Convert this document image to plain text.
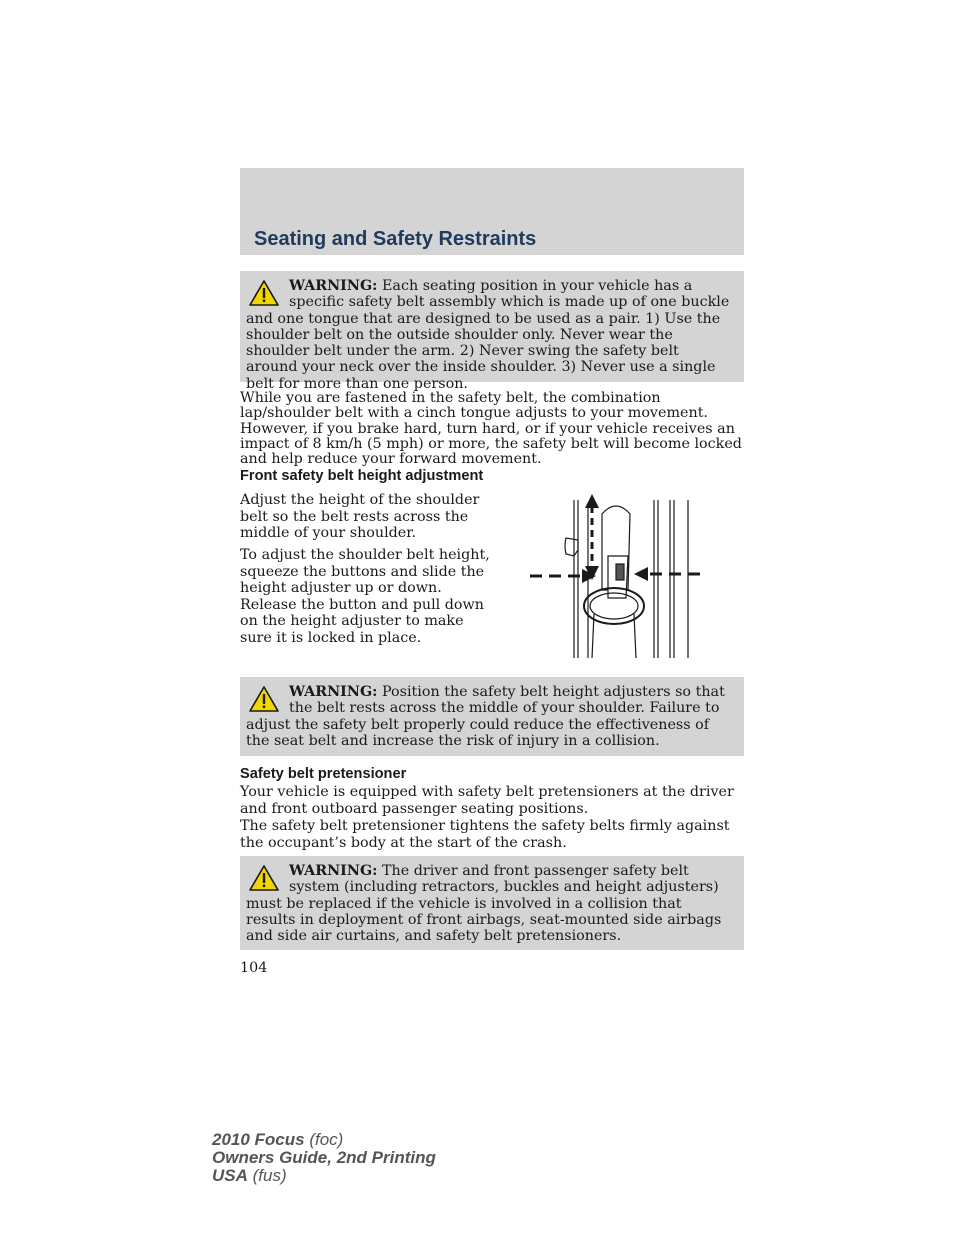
Seating and Safety Restraints
WARNING: Each seating position in your vehicle has a specific safety belt assembly which is made up of one buckle and one tongue that are designed to be used as a pair. 1) Use the shoulder belt on the outside shoulder only. Never wear the shoulder belt under the arm. 2) Never swing the safety belt around your neck over the inside shoulder. 3) Never use a single belt for more than one person.

While you are fastened in the safety belt, the combination lap/shoulder belt with a cinch tongue adjusts to your movement. However, if you brake hard, turn hard, or if your vehicle receives an impact of 8 km/h (5 mph) or more, the safety belt will become locked and help reduce your forward movement.

Front safety belt height adjustment

Adjust the height of the shoulder belt so the belt rests across the middle of your shoulder.

To adjust the shoulder belt height, squeeze the buttons and slide the height adjuster up or down. Release the button and pull down on the height adjuster to make sure it is locked in place.

WARNING: Position the safety belt height adjusters so that the belt rests across the middle of your shoulder. Failure to adjust the safety belt properly could reduce the effectiveness of the seat belt and increase the risk of injury in a collision.
Safety belt pretensioner

Your vehicle is equipped with safety belt pretensioners at the driver and front outboard passenger seating positions.

The safety belt pretensioner tightens the safety belts firmly against the occupant’s body at the start of the crash.

WARNING: The driver and front passenger safety belt system (including retractors, buckles and height adjusters) must be replaced if the vehicle is involved in a collision that results in deployment of front airbags, seat-mounted side airbags and side air curtains, and safety belt pretensioners.
104
2010 Focus (foc)
Owners Guide, 2nd Printing
USA (fus)
